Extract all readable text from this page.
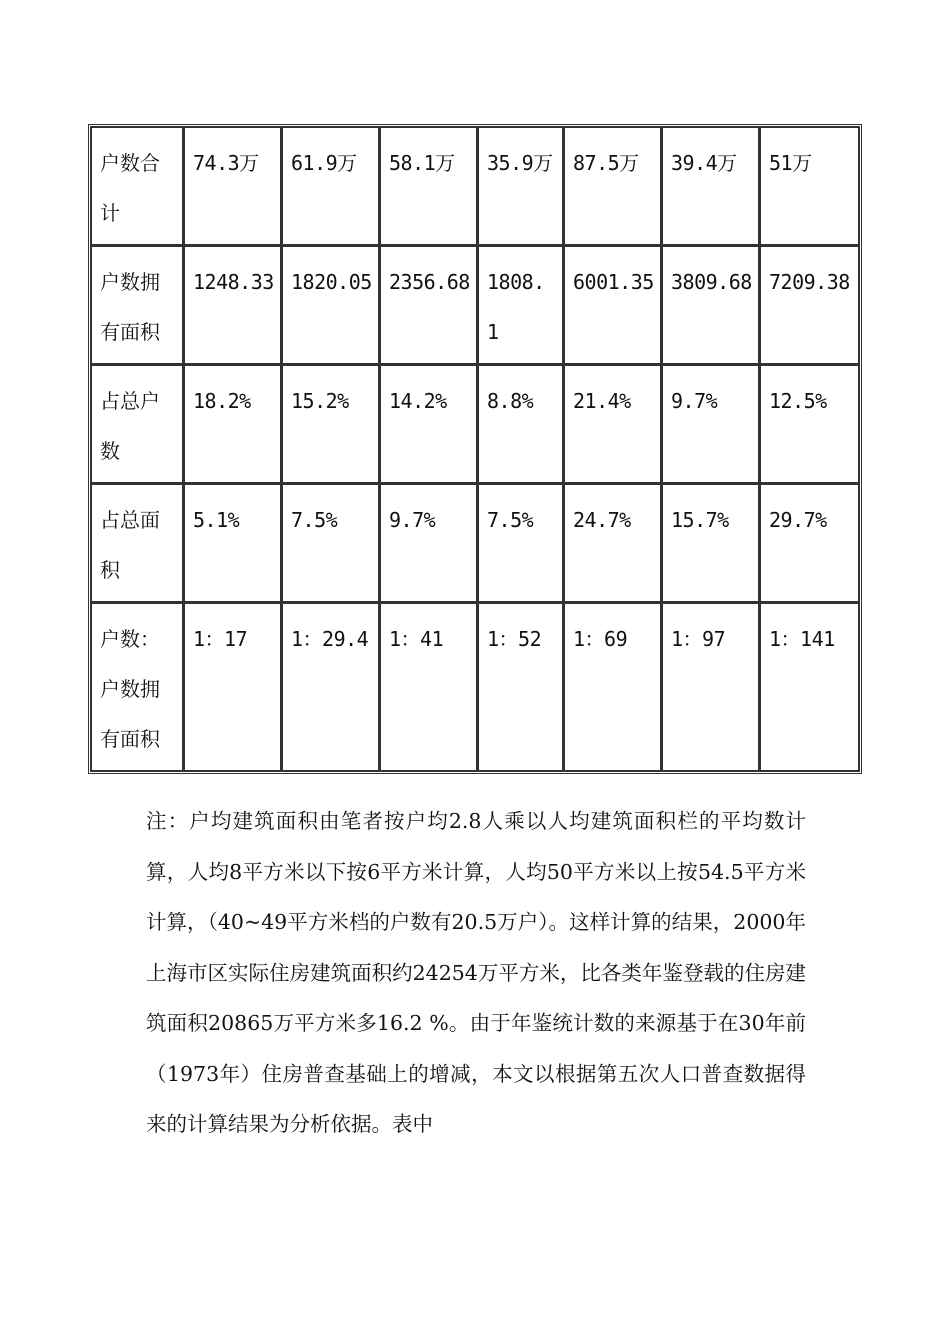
户数合计	74.3万	61.9万	58.1万	35.9万	87.5万	39.4万	51万
户数拥有面积	1248.33	1820.05	2356.68	1808.1	6001.35	3809.68	7209.38
占总户数	18.2%	15.2%	14.2%	8.8%	21.4%	9.7%	12.5%
占总面积	5.1%	7.5%	9.7%	7.5%	24.7%	15.7%	29.7%
户数：户数拥有面积	1：17	1：29.4	1：41	1：52	1：69	1：97	1：141

注：户均建筑面积由笔者按户均2.8人乘以人均建筑面积栏的平均数计算，人均8平方米以下按6平方米计算，人均50平方米以上按54.5平方米计算，（40~49平方米档的户数有20.5万户）。这样计算的结果，2000年上海市区实际住房建筑面积约24254万平方米，比各类年鉴登载的住房建筑面积20865万平方米多16.2 %。由于年鉴统计数的来源基于在30年前（1973年）住房普查基础上的增减，本文以根据第五次人口普查数据得来的计算结果为分析依据。表中
